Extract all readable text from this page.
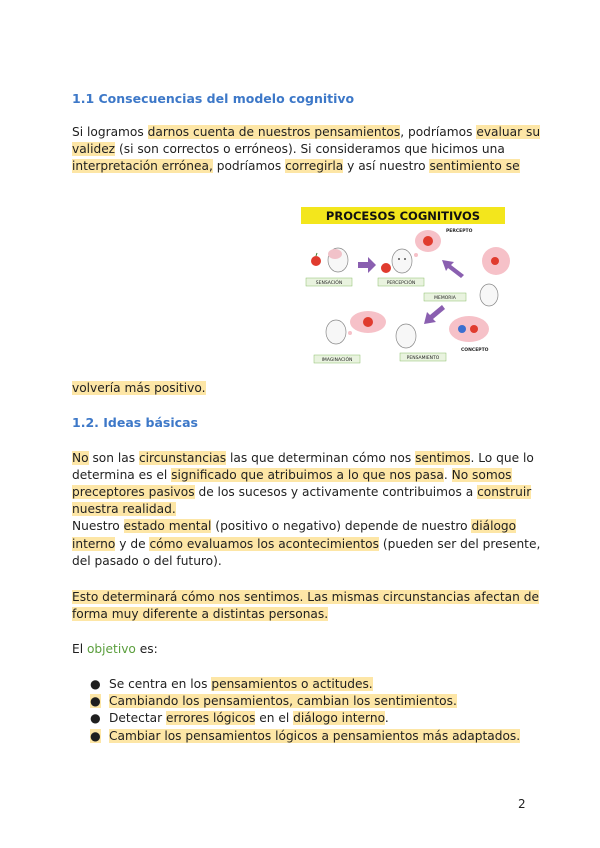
1.1 Consecuencias del modelo cognitivo
Si logramos darnos cuenta de nuestros pensamientos, podríamos evaluar su
validez (si son correctos o erróneos). Si consideramos que hicimos una
interpretación errónea, podríamos corregirla y así nuestro sentimiento se
PROCESOS COGNITIVOS
PERCEPTO
SENSACIÓN	PERCEPCIÓN
MEMORIA
IMAGINACIÓN	PENSAMIENTO
CONCEPTO
volvería más positivo.
1.2. Ideas básicas
No son las circunstancias las que determinan cómo nos sentimos. Lo que lo
determina es el significado que atribuimos a lo que nos pasa. No somos
preceptores pasivos de los sucesos y activamente contribuimos a construir
nuestra realidad.
Nuestro estado mental (positivo o negativo) depende de nuestro diálogo
interno y de cómo evaluamos los acontecimientos (pueden ser del presente,
del pasado o del futuro).
Esto determinará cómo nos sentimos. Las mismas circunstancias afectan de
forma muy diferente a distintas personas.
El objetivo es:
● Se centra en los pensamientos o actitudes.
● Cambiando los pensamientos, cambian los sentimientos.
● Detectar errores lógicos en el diálogo interno.
● Cambiar los pensamientos lógicos a pensamientos más adaptados.
2
